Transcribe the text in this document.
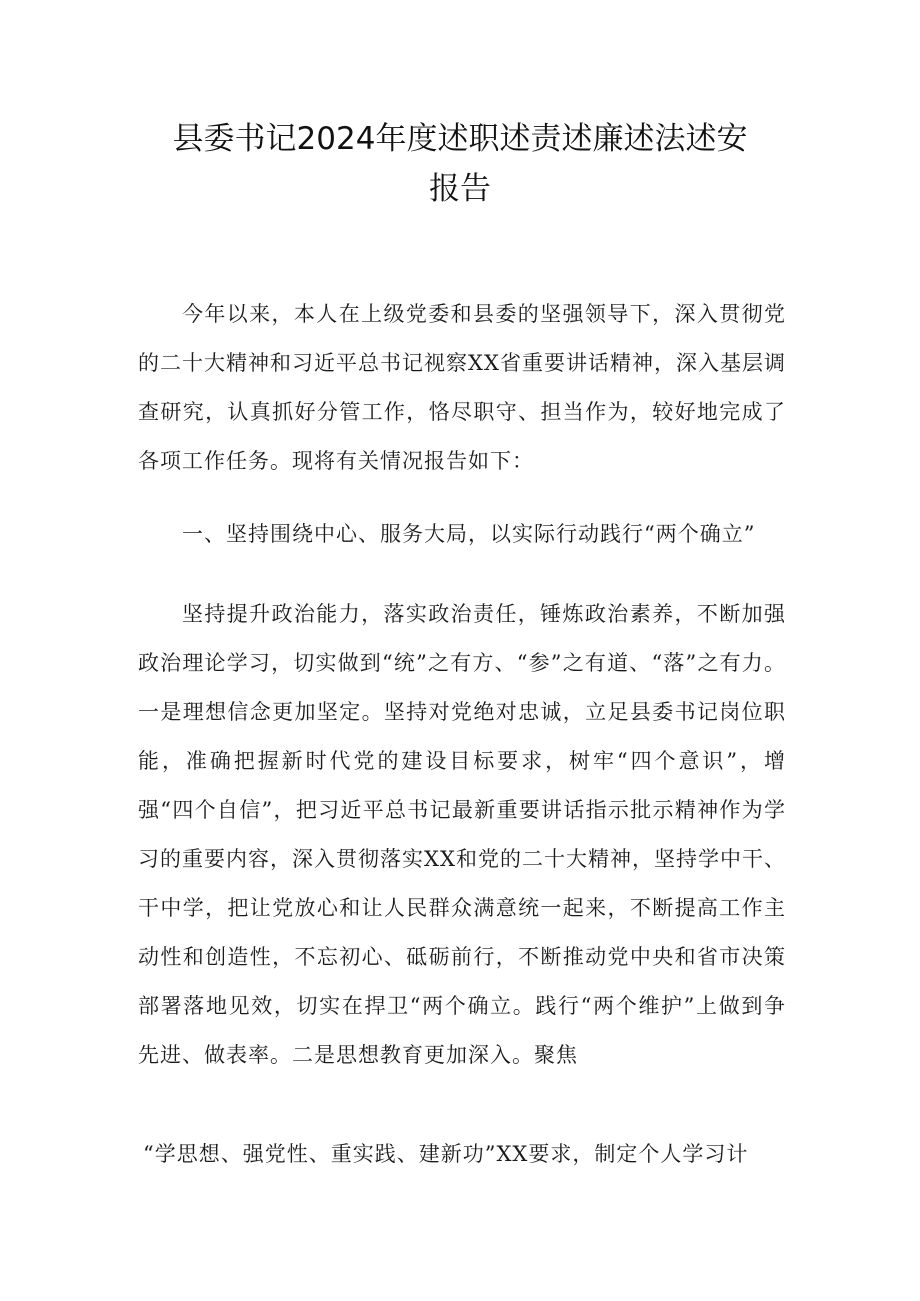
县委书记2024年度述职述责述廉述法述安
报告

今年以来，本人在上级党委和县委的坚强领导下，深入贯彻党的二十大精神和习近平总书记视察XX省重要讲话精神，深入基层调查研究，认真抓好分管工作，恪尽职守、担当作为，较好地完成了各项工作任务。现将有关情况报告如下：

一、坚持围绕中心、服务大局，以实际行动践行“两个确立”

坚持提升政治能力，落实政治责任，锤炼政治素养，不断加强政治理论学习，切实做到“统”之有方、“参”之有道、“落”之有力。一是理想信念更加坚定。坚持对党绝对忠诚，立足县委书记岗位职能，准确把握新时代党的建设目标要求，树牢“四个意识”，增强“四个自信”，把习近平总书记最新重要讲话指示批示精神作为学习的重要内容，深入贯彻落实XX和党的二十大精神，坚持学中干、干中学，把让党放心和让人民群众满意统一起来，不断提高工作主动性和创造性，不忘初心、砥砺前行，不断推动党中央和省市决策部署落地见效，切实在捍卫“两个确立。践行“两个维护”上做到争先进、做表率。二是思想教育更加深入。聚焦

“学思想、强党性、重实践、建新功”XX要求，制定个人学习计
